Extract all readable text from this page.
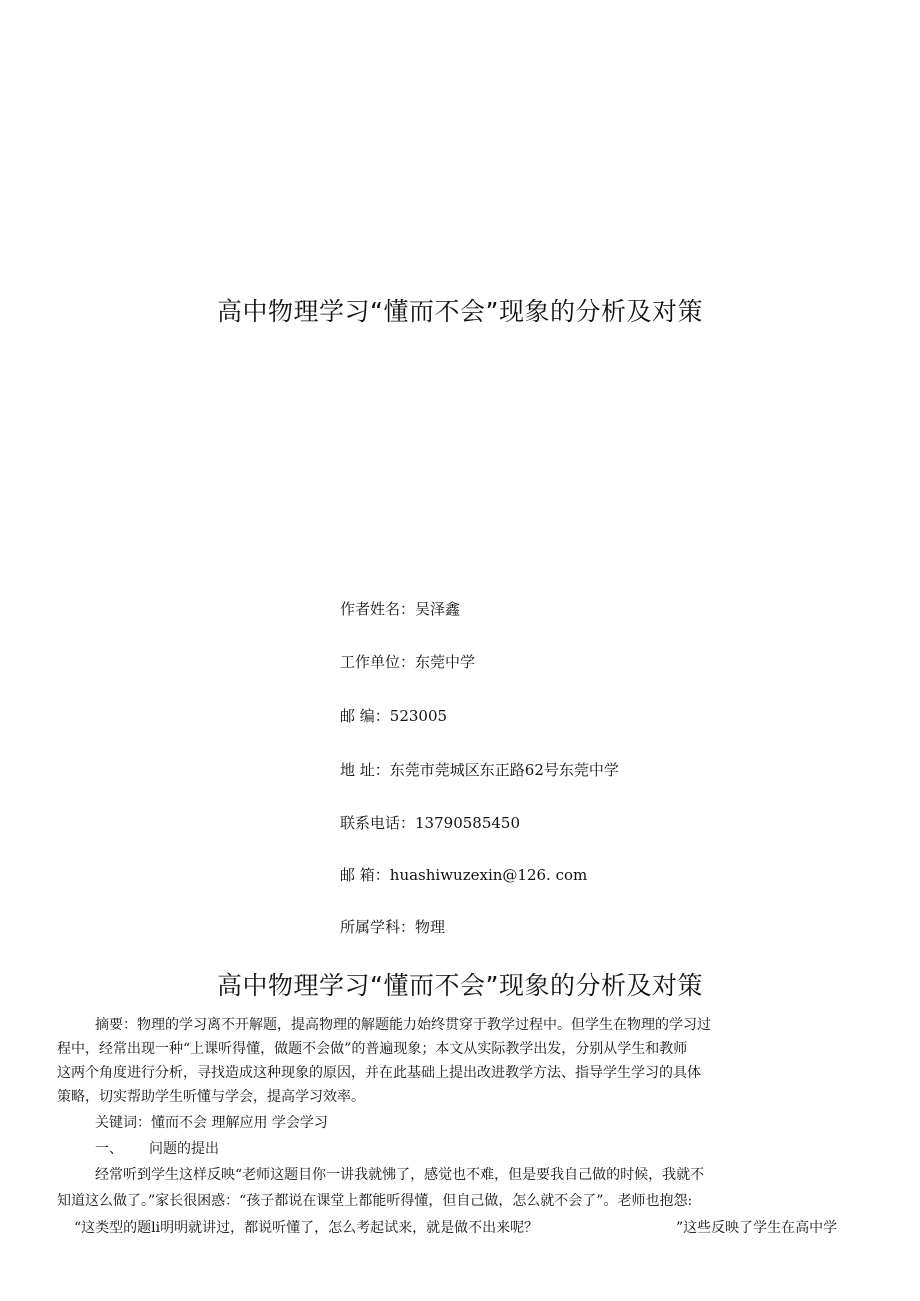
高中物理学习“懂而不会”现象的分析及对策
作者姓名：吴泽鑫
工作单位：东莞中学
邮 编：523005
地 址：东莞市莞城区东正路62号东莞中学
联系电话：13790585450
邮 箱：huashiwuzexin@126. com
所属学科：物理
高中物理学习“懂而不会”现象的分析及对策
摘要：物理的学习离不开解题，提高物理的解题能力始终贯穿于教学过程中。但学生在物理的学习过
程中，经常出现一种“上课听得懂，做题不会做”的普遍现象；本文从实际教学出发，分别从学生和教师
这两个角度进行分析，寻找造成这种现象的原因，并在此基础上提出改进教学方法、指导学生学习的具体
策略，切实帮助学生听懂与学会，提高学习效率。
关键词：懂而不会 理解应用 学会学习
一、 问题的提出
经常听到学生这样反映“老师这题目你一讲我就怫了，感觉也不难，但是要我自己做的时候，我就不
知道这么做了。”家长很困惑：“孩子都说在课堂上都能听得懂，但自己做，怎么就不会了”。老师也抱怨:
“这类型的题li明明就讲过，都说听懂了，怎么考起试来，就是做不出来呢？	”这些反映了学生在高中学
